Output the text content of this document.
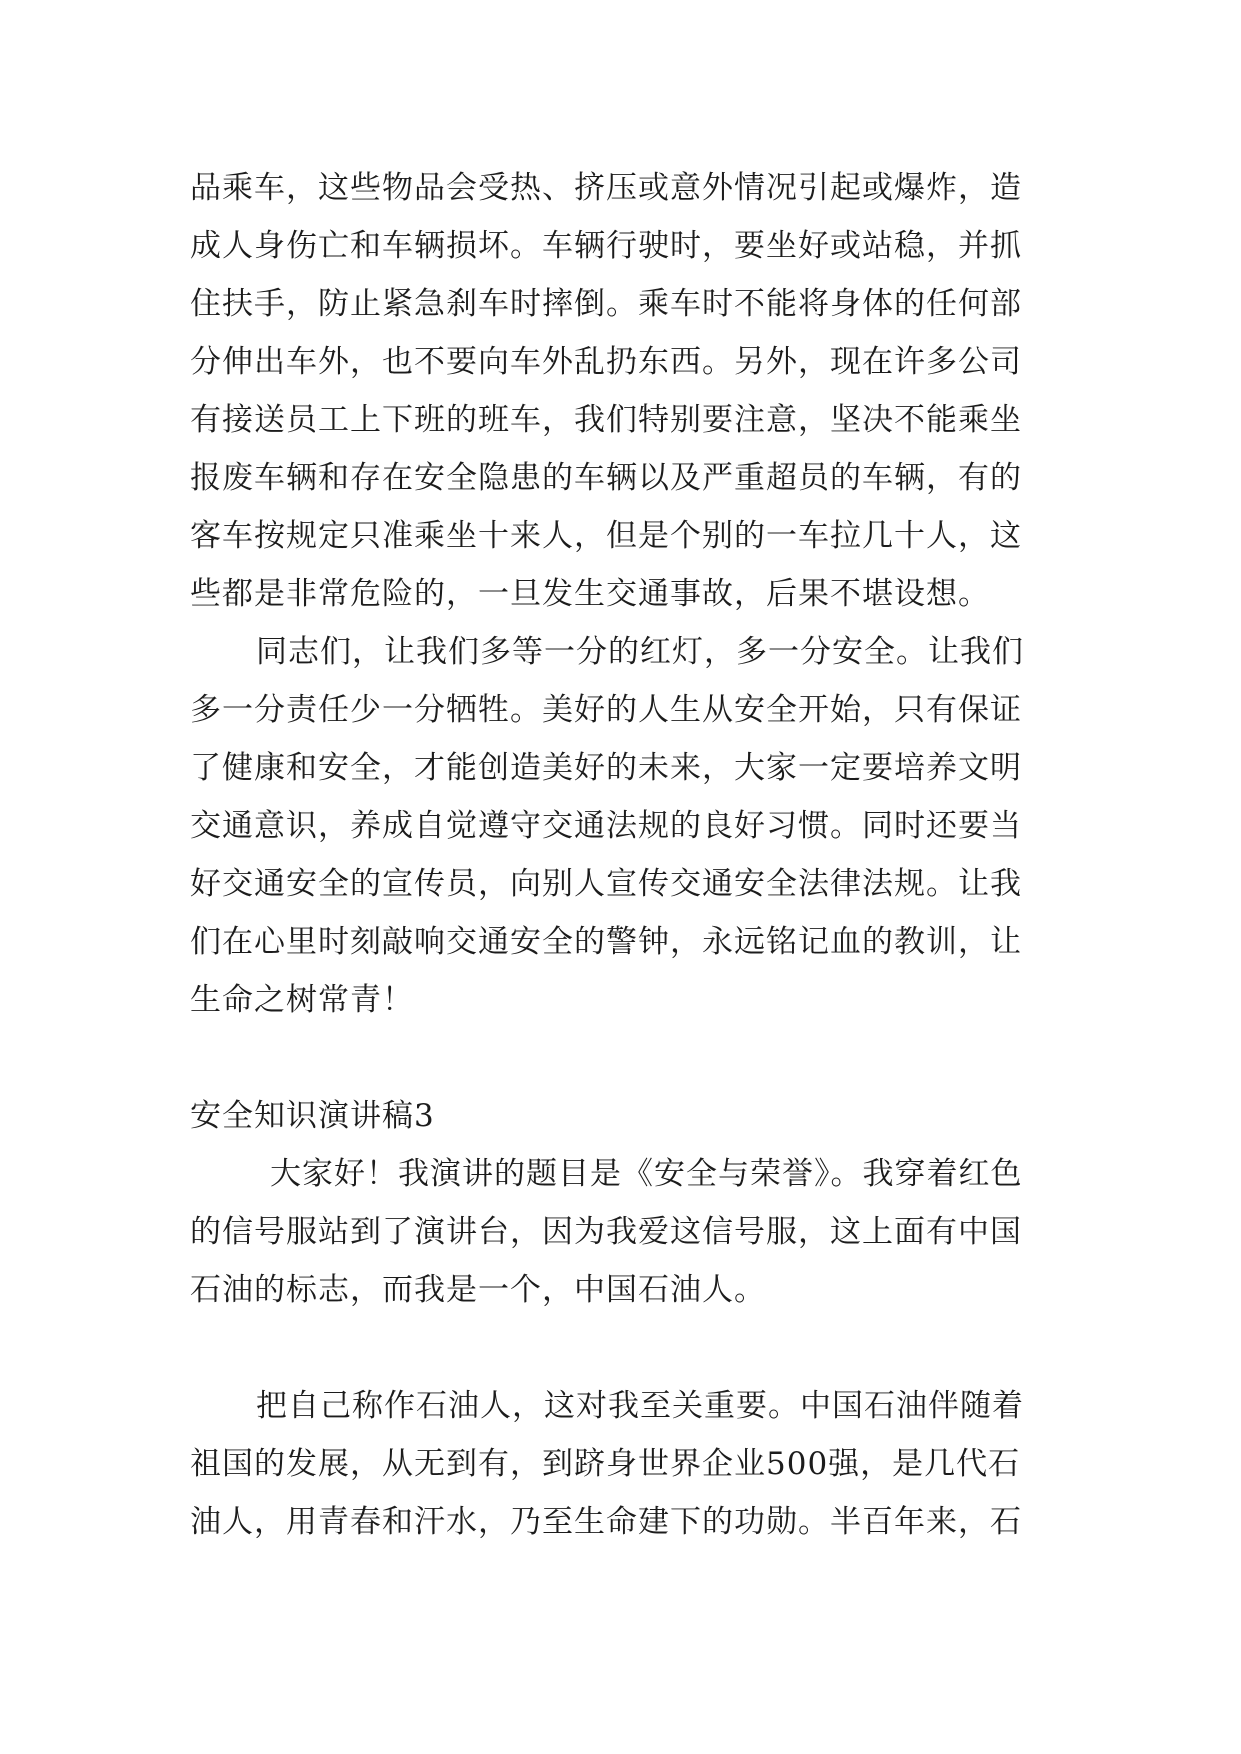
品乘车，这些物品会受热、挤压或意外情况引起或爆炸，造
成人身伤亡和车辆损坏。车辆行驶时，要坐好或站稳，并抓
住扶手，防止紧急刹车时摔倒。乘车时不能将身体的任何部
分伸出车外，也不要向车外乱扔东西。另外，现在许多公司
有接送员工上下班的班车，我们特别要注意，坚决不能乘坐
报废车辆和存在安全隐患的车辆以及严重超员的车辆，有的
客车按规定只准乘坐十来人，但是个别的一车拉几十人，这
些都是非常危险的，一旦发生交通事故，后果不堪设想。
同志们，让我们多等一分的红灯，多一分安全。让我们
多一分责任少一分牺牲。美好的人生从安全开始，只有保证
了健康和安全，才能创造美好的未来，大家一定要培养文明
交通意识，养成自觉遵守交通法规的良好习惯。同时还要当
好交通安全的宣传员，向别人宣传交通安全法律法规。让我
们在心里时刻敲响交通安全的警钟，永远铭记血的教训，让
生命之树常青！
安全知识演讲稿3
大家好！我演讲的题目是《安全与荣誉》。我穿着红色
的信号服站到了演讲台，因为我爱这信号服，这上面有中国
石油的标志，而我是一个，中国石油人。
把自己称作石油人，这对我至关重要。中国石油伴随着
祖国的发展，从无到有，到跻身世界企业500强，是几代石
油人，用青春和汗水，乃至生命建下的功勋。半百年来，石
